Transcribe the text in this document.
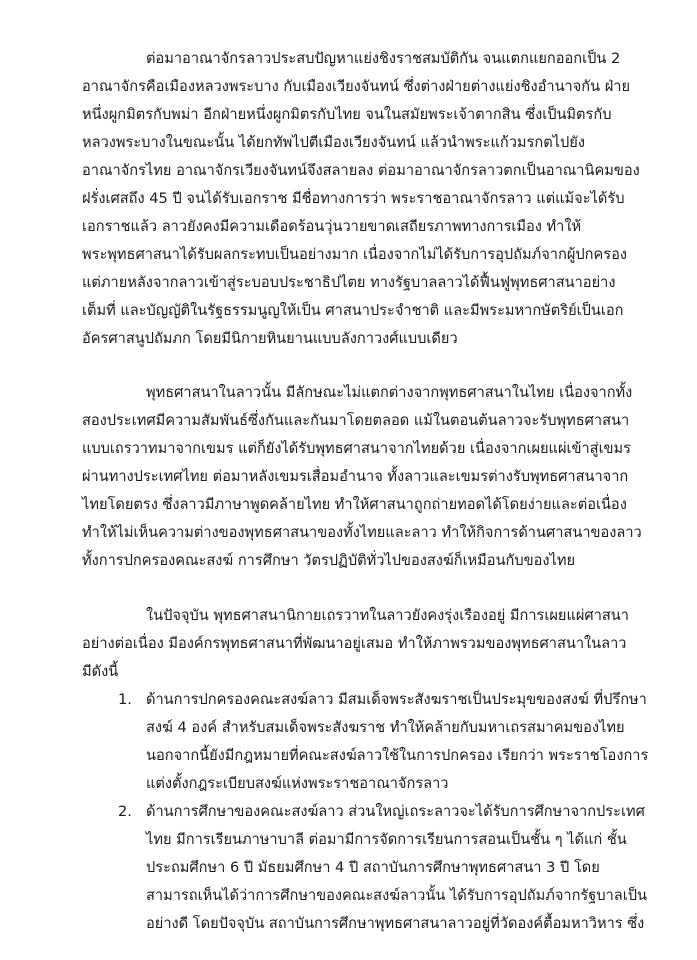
ต่อมาอาณาจักรลาวประสบปัญหาแย่งชิงราชสมบัติกัน จนแตกแยกออกเป็น 2

อาณาจักรคือเมืองหลวงพระบาง กับเมืองเวียงจันทน์ ซึ่งต่างฝ่ายต่างแย่งชิงอำนาจกัน ฝ่าย

หนึ่งผูกมิตรกับพม่า อีกฝ่ายหนึ่งผูกมิตรกับไทย จนในสมัยพระเจ้าตากสิน ซึ่งเป็นมิตรกับ

หลวงพระบางในขณะนั้น ได้ยกทัพไปตีเมืองเวียงจันทน์ แล้วนำพระแก้วมรกตไปยัง

อาณาจักรไทย อาณาจักรเวียงจันทน์จึงสลายลง ต่อมาอาณาจักรลาวตกเป็นอาณานิคมของ

ฝรั่งเศสถึง 45 ปี จนได้รับเอกราช มีชื่อทางการว่า พระราชอาณาจักรลาว แต่แม้จะได้รับ

เอกราชแล้ว ลาวยังคงมีความเดือดร้อนวุ่นวายขาดเสถียรภาพทางการเมือง ทำให้

พระพุทธศาสนาได้รับผลกระทบเป็นอย่างมาก เนื่องจากไม่ได้รับการอุปถัมภ์จากผู้ปกครอง

แต่ภายหลังจากลาวเข้าสู่ระบอบประชาธิปไตย ทางรัฐบาลลาวได้ฟื้นฟูพุทธศาสนาอย่าง

เต็มที่ และบัญญัติในรัฐธรรมนูญให้เป็น ศาสนาประจำชาติ และมีพระมหากษัตริย์เป็นเอก

อัครศาสนูปถัมภก โดยมีนิกายหินยานแบบลังกาวงศ์แบบเดียว

พุทธศาสนาในลาวนั้น มีลักษณะไม่แตกต่างจากพุทธศาสนาในไทย เนื่องจากทั้ง

สองประเทศมีความสัมพันธ์ซึ่งกันและกันมาโดยตลอด แม้ในตอนต้นลาวจะรับพุทธศาสนา

แบบเถรวาทมาจากเขมร แต่ก็ยังได้รับพุทธศาสนาจากไทยด้วย เนื่องจากเผยแผ่เข้าสู่เขมร

ผ่านทางประเทศไทย ต่อมาหลังเขมรเสื่อมอำนาจ ทั้งลาวและเขมรต่างรับพุทธศาสนาจาก

ไทยโดยตรง ซึ่งลาวมีภาษาพูดคล้ายไทย ทำให้ศาสนาถูกถ่ายทอดได้โดยง่ายและต่อเนื่อง

ทำให้ไม่เห็นความต่างของพุทธศาสนาของทั้งไทยและลาว ทำให้กิจการด้านศาสนาของลาว

ทั้งการปกครองคณะสงฆ์ การศึกษา วัตรปฏิบัติทั่วไปของสงฆ์ก็เหมือนกับของไทย

ในปัจจุบัน พุทธศาสนานิกายเถรวาทในลาวยังคงรุ่งเรืองอยู่ มีการเผยแผ่ศาสนา

อย่างต่อเนื่อง มีองค์กรพุทธศาสนาที่พัฒนาอยู่เสมอ ทำให้ภาพรวมของพุทธศาสนาในลาว

มีดังนี้

1. ด้านการปกครองคณะสงฆ์ลาว มีสมเด็จพระสังฆราชเป็นประมุขของสงฆ์ ที่ปรึกษา

สงฆ์ 4 องค์ สำหรับสมเด็จพระสังฆราช ทำให้คล้ายกับมหาเถรสมาคมของไทย

นอกจากนี้ยังมีกฎหมายที่คณะสงฆ์ลาวใช้ในการปกครอง เรียกว่า พระราชโองการ

แต่งตั้งกฎระเบียบสงฆ์แห่งพระราชอาณาจักรลาว

2. ด้านการศึกษาของคณะสงฆ์ลาว ส่วนใหญ่เถระลาวจะได้รับการศึกษาจากประเทศ

ไทย มีการเรียนภาษาบาลี ต่อมามีการจัดการเรียนการสอนเป็นชั้น ๆ ได้แก่ ชั้น

ประถมศึกษา 6 ปี มัธยมศึกษา 4 ปี สถาบันการศึกษาพุทธศาสนา 3 ปี โดย

สามารถเห็นได้ว่าการศึกษาของคณะสงฆ์ลาวนั้น ได้รับการอุปถัมภ์จากรัฐบาลเป็น

อย่างดี โดยปัจจุบัน สถาบันการศึกษาพุทธศาสนาลาวอยู่ที่วัดองค์ตื้อมหาวิหาร ซึ่ง
